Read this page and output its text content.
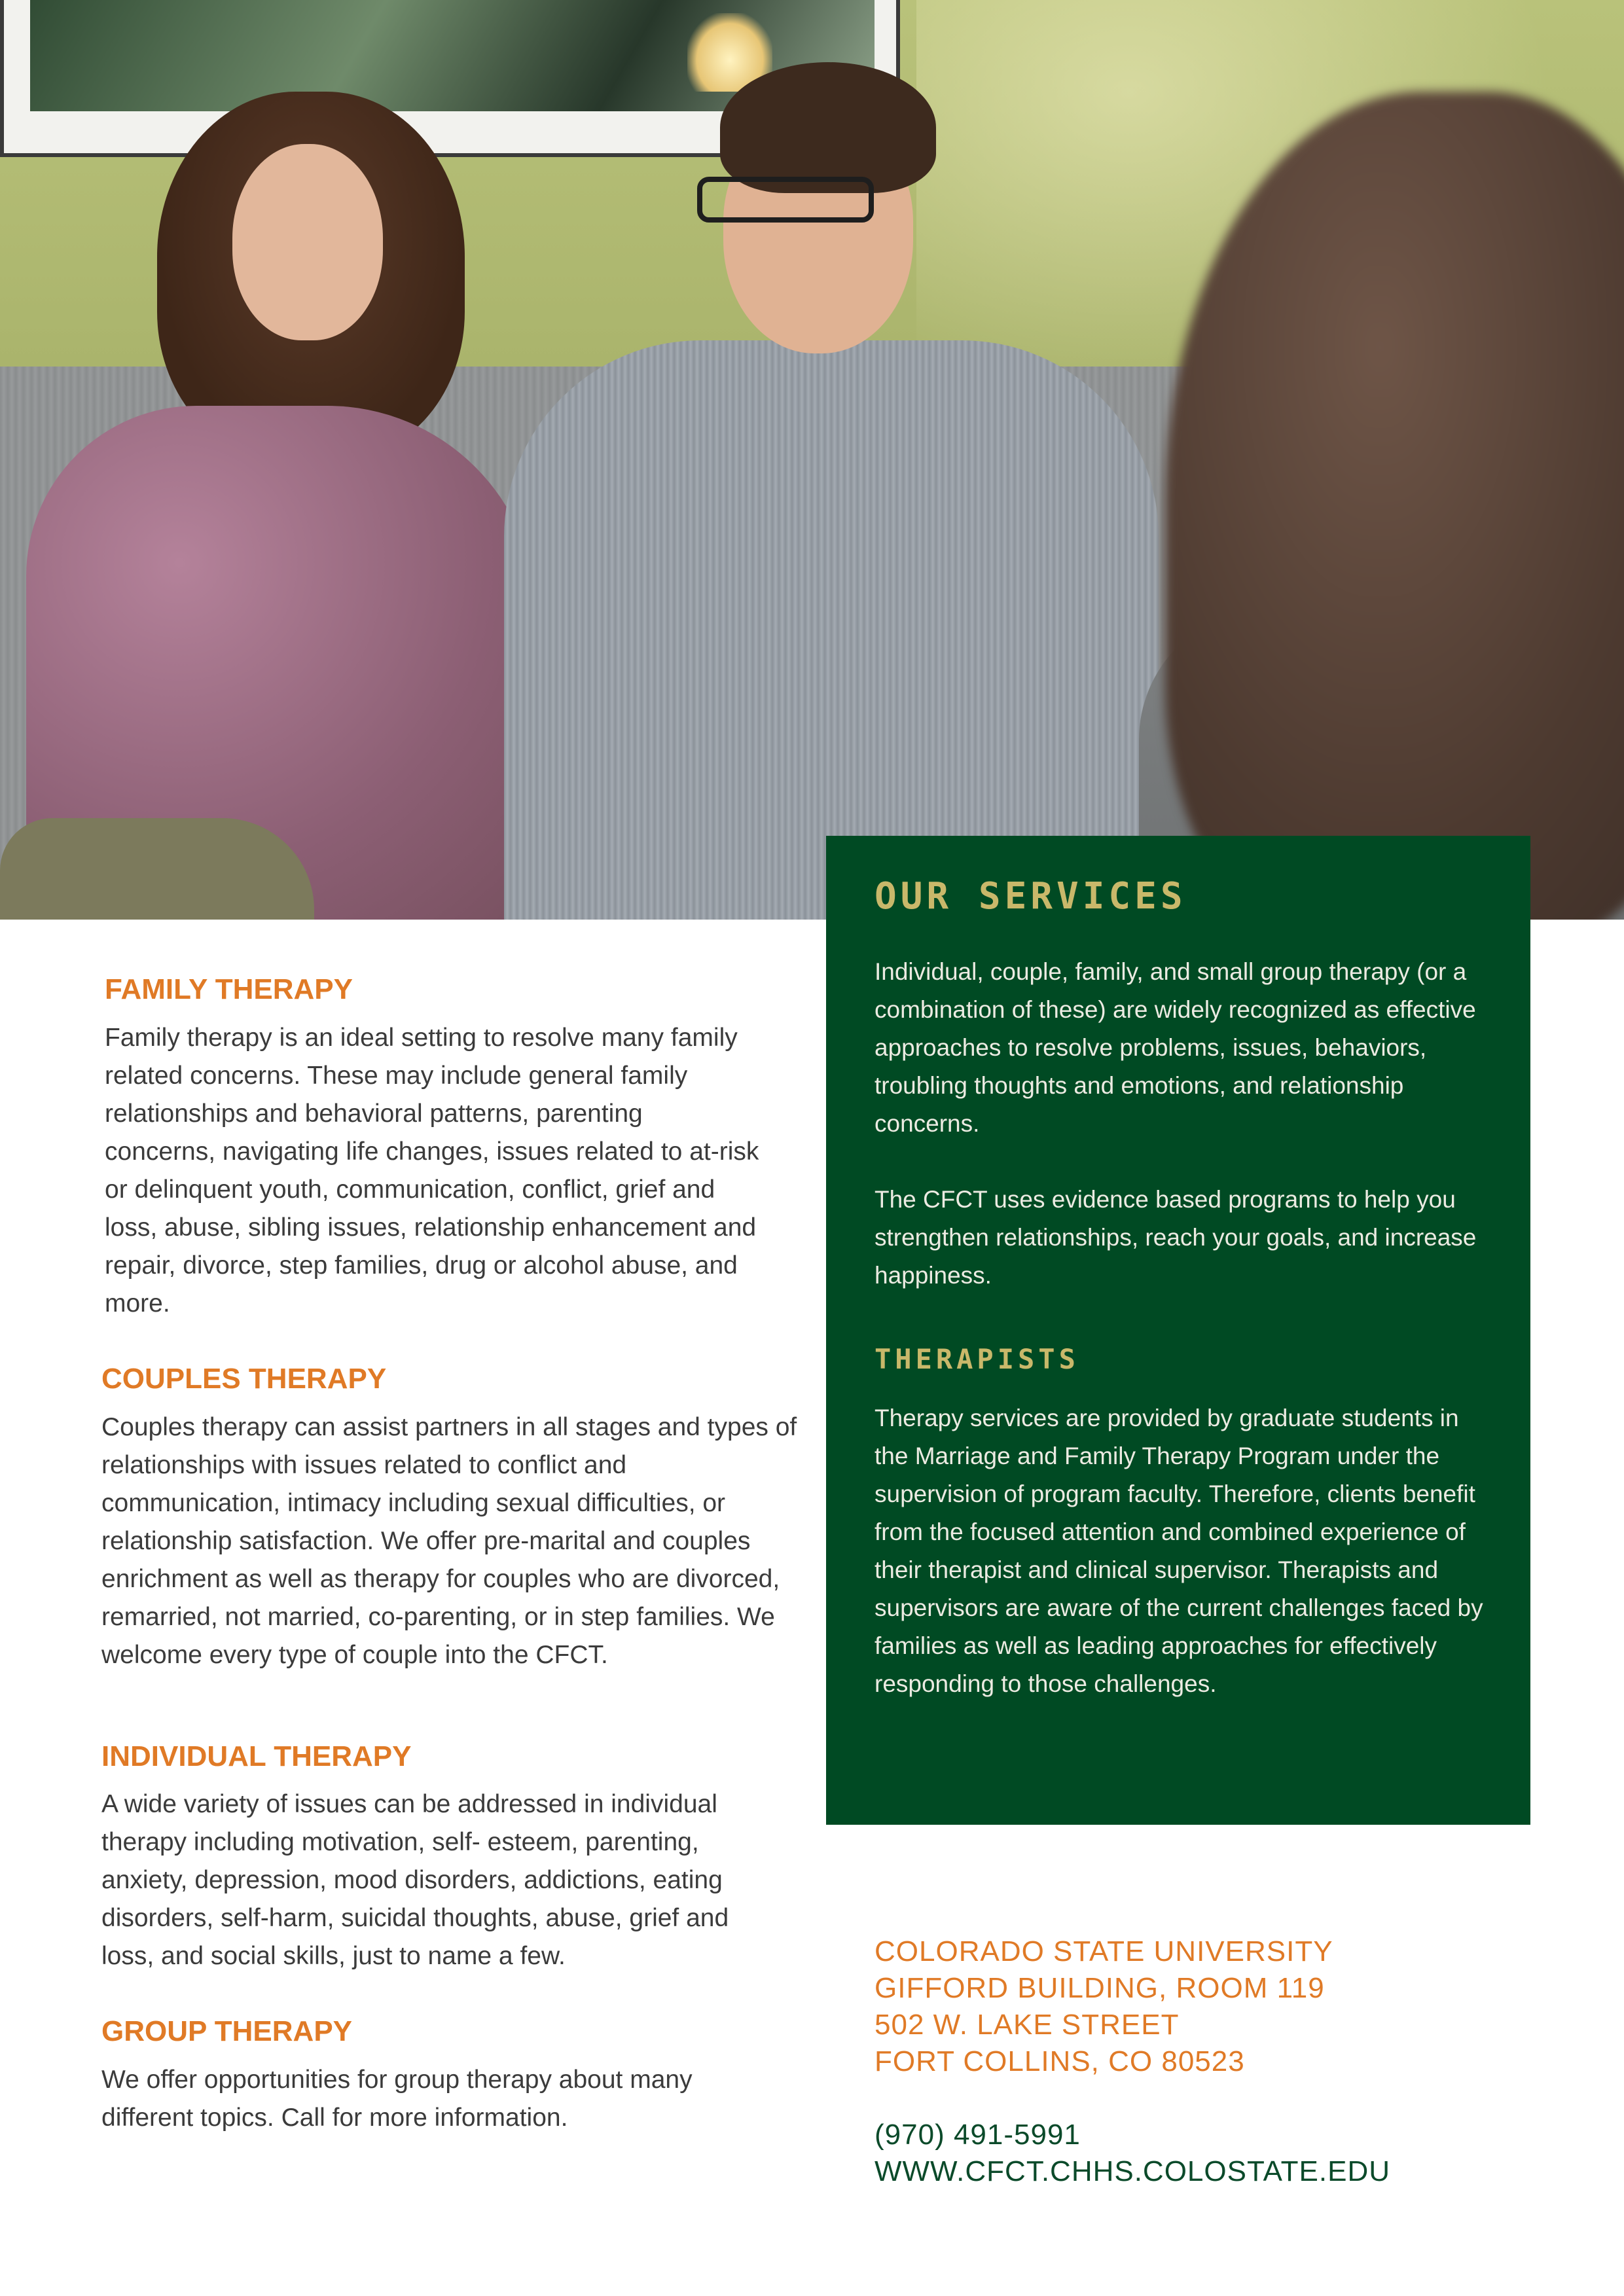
FAMILY THERAPY

Family therapy is an ideal setting to resolve many family related concerns. These may include general family relationships and behavioral patterns, parenting concerns, navigating life changes, issues related to at-risk or delinquent youth, communication, conflict, grief and loss, abuse, sibling issues, relationship enhancement and repair, divorce, step families, drug or alcohol abuse, and more.

COUPLES THERAPY

Couples therapy can assist partners in all stages and types of relationships with issues related to conflict and communication, intimacy including sexual difficulties, or relationship satisfaction. We offer pre-marital and couples enrichment as well as therapy for couples who are divorced, remarried, not married, co-parenting, or in step families. We welcome every type of couple into the CFCT.

INDIVIDUAL THERAPY

A wide variety of issues can be addressed in individual therapy including motivation, self- esteem, parenting, anxiety, depression, mood disorders, addictions, eating disorders, self-harm, suicidal thoughts, abuse, grief and loss, and social skills, just to name a few.

GROUP THERAPY

We offer opportunities for group therapy about many different topics. Call for more information.

OUR SERVICES

Individual, couple, family, and small group therapy (or a combination of these) are widely recognized as effective approaches to resolve problems, issues, behaviors, troubling thoughts and emotions, and relationship concerns.

The CFCT uses evidence based programs to help you strengthen relationships, reach your goals, and increase happiness.

THERAPISTS

Therapy services are provided by graduate students in the Marriage and Family Therapy Program under the supervision of program faculty. Therefore, clients benefit from the focused attention and combined experience of their therapist and clinical supervisor. Therapists and supervisors are aware of the current challenges faced by families as well as leading approaches for effectively responding to those challenges.

COLORADO STATE UNIVERSITY
GIFFORD BUILDING, ROOM 119
502 W. LAKE STREET
FORT COLLINS, CO 80523
(970) 491-5991
WWW.CFCT.CHHS.COLOSTATE.EDU
